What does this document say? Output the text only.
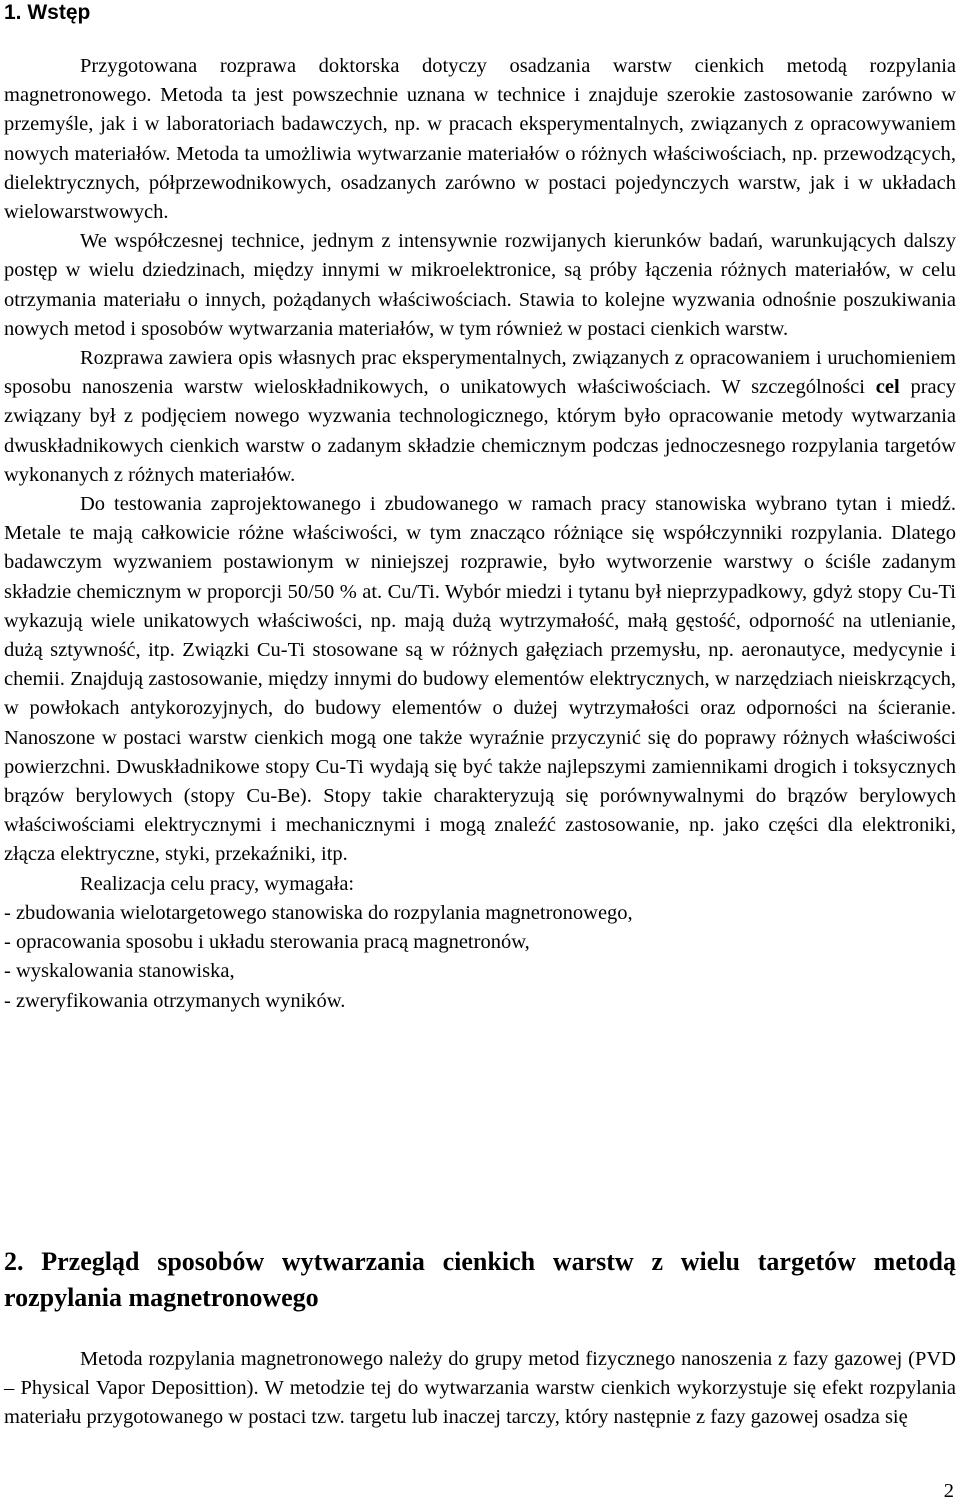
1. Wstęp

Przygotowana rozprawa doktorska dotyczy osadzania warstw cienkich metodą rozpylania magnetronowego. Metoda ta jest powszechnie uznana w technice i znajduje szerokie zastosowanie zarówno w przemyśle, jak i w laboratoriach badawczych, np. w pracach eksperymentalnych, związanych z opracowywaniem nowych materiałów. Metoda ta umożliwia wytwarzanie materiałów o różnych właściwościach, np. przewodzących, dielektrycznych, półprzewodnikowych, osadzanych zarówno w postaci pojedynczych warstw, jak i w układach wielowarstwowych.

We współczesnej technice, jednym z intensywnie rozwijanych kierunków badań, warunkujących dalszy postęp w wielu dziedzinach, między innymi w mikroelektronice, są próby łączenia różnych materiałów, w celu otrzymania materiału o innych, pożądanych właściwościach. Stawia to kolejne wyzwania odnośnie poszukiwania nowych metod i sposobów wytwarzania materiałów, w tym również w postaci cienkich warstw.

Rozprawa zawiera opis własnych prac eksperymentalnych, związanych z opracowaniem i uruchomieniem sposobu nanoszenia warstw wieloskładnikowych, o unikatowych właściwościach. W szczególności cel pracy związany był z podjęciem nowego wyzwania technologicznego, którym było opracowanie metody wytwarzania dwuskładnikowych cienkich warstw o zadanym składzie chemicznym podczas jednoczesnego rozpylania targetów wykonanych z różnych materiałów.

Do testowania zaprojektowanego i zbudowanego w ramach pracy stanowiska wybrano tytan i miedź. Metale te mają całkowicie różne właściwości, w tym znacząco różniące się współczynniki rozpylania. Dlatego badawczym wyzwaniem postawionym w niniejszej rozprawie, było wytworzenie warstwy o ściśle zadanym składzie chemicznym w proporcji 50/50 % at. Cu/Ti. Wybór miedzi i tytanu był nieprzypadkowy, gdyż stopy Cu-Ti wykazują wiele unikatowych właściwości, np. mają dużą wytrzymałość, małą gęstość, odporność na utlenianie, dużą sztywność, itp. Związki Cu-Ti stosowane są w różnych gałęziach przemysłu, np. aeronautyce, medycynie i chemii. Znajdują zastosowanie, między innymi do budowy elementów elektrycznych, w narzędziach nieiskrzących, w powłokach antykorozyjnych, do budowy elementów o dużej wytrzymałości oraz odporności na ścieranie. Nanoszone w postaci warstw cienkich mogą one także wyraźnie przyczynić się do poprawy różnych właściwości powierzchni. Dwuskładnikowe stopy Cu-Ti wydają się być także najlepszymi zamiennikami drogich i toksycznych brązów berylowych (stopy Cu-Be). Stopy takie charakteryzują się porównywalnymi do brązów berylowych właściwościami elektrycznymi i mechanicznymi i mogą znaleźć zastosowanie, np. jako części dla elektroniki, złącza elektryczne, styki, przekaźniki, itp.

Realizacja celu pracy, wymagała:

- zbudowania wielotargetowego stanowiska do rozpylania magnetronowego,
- opracowania sposobu i układu sterowania pracą magnetronów,
- wyskalowania stanowiska,
- zweryfikowania otrzymanych wyników.
2. Przegląd sposobów wytwarzania cienkich warstw z wielu targetów metodą rozpylania magnetronowego

Metoda rozpylania magnetronowego należy do grupy metod fizycznego nanoszenia z fazy gazowej (PVD – Physical Vapor Deposittion). W metodzie tej do wytwarzania warstw cienkich wykorzystuje się efekt rozpylania materiału przygotowanego w postaci tzw. targetu lub inaczej tarczy, który następnie z fazy gazowej osadza się

2
